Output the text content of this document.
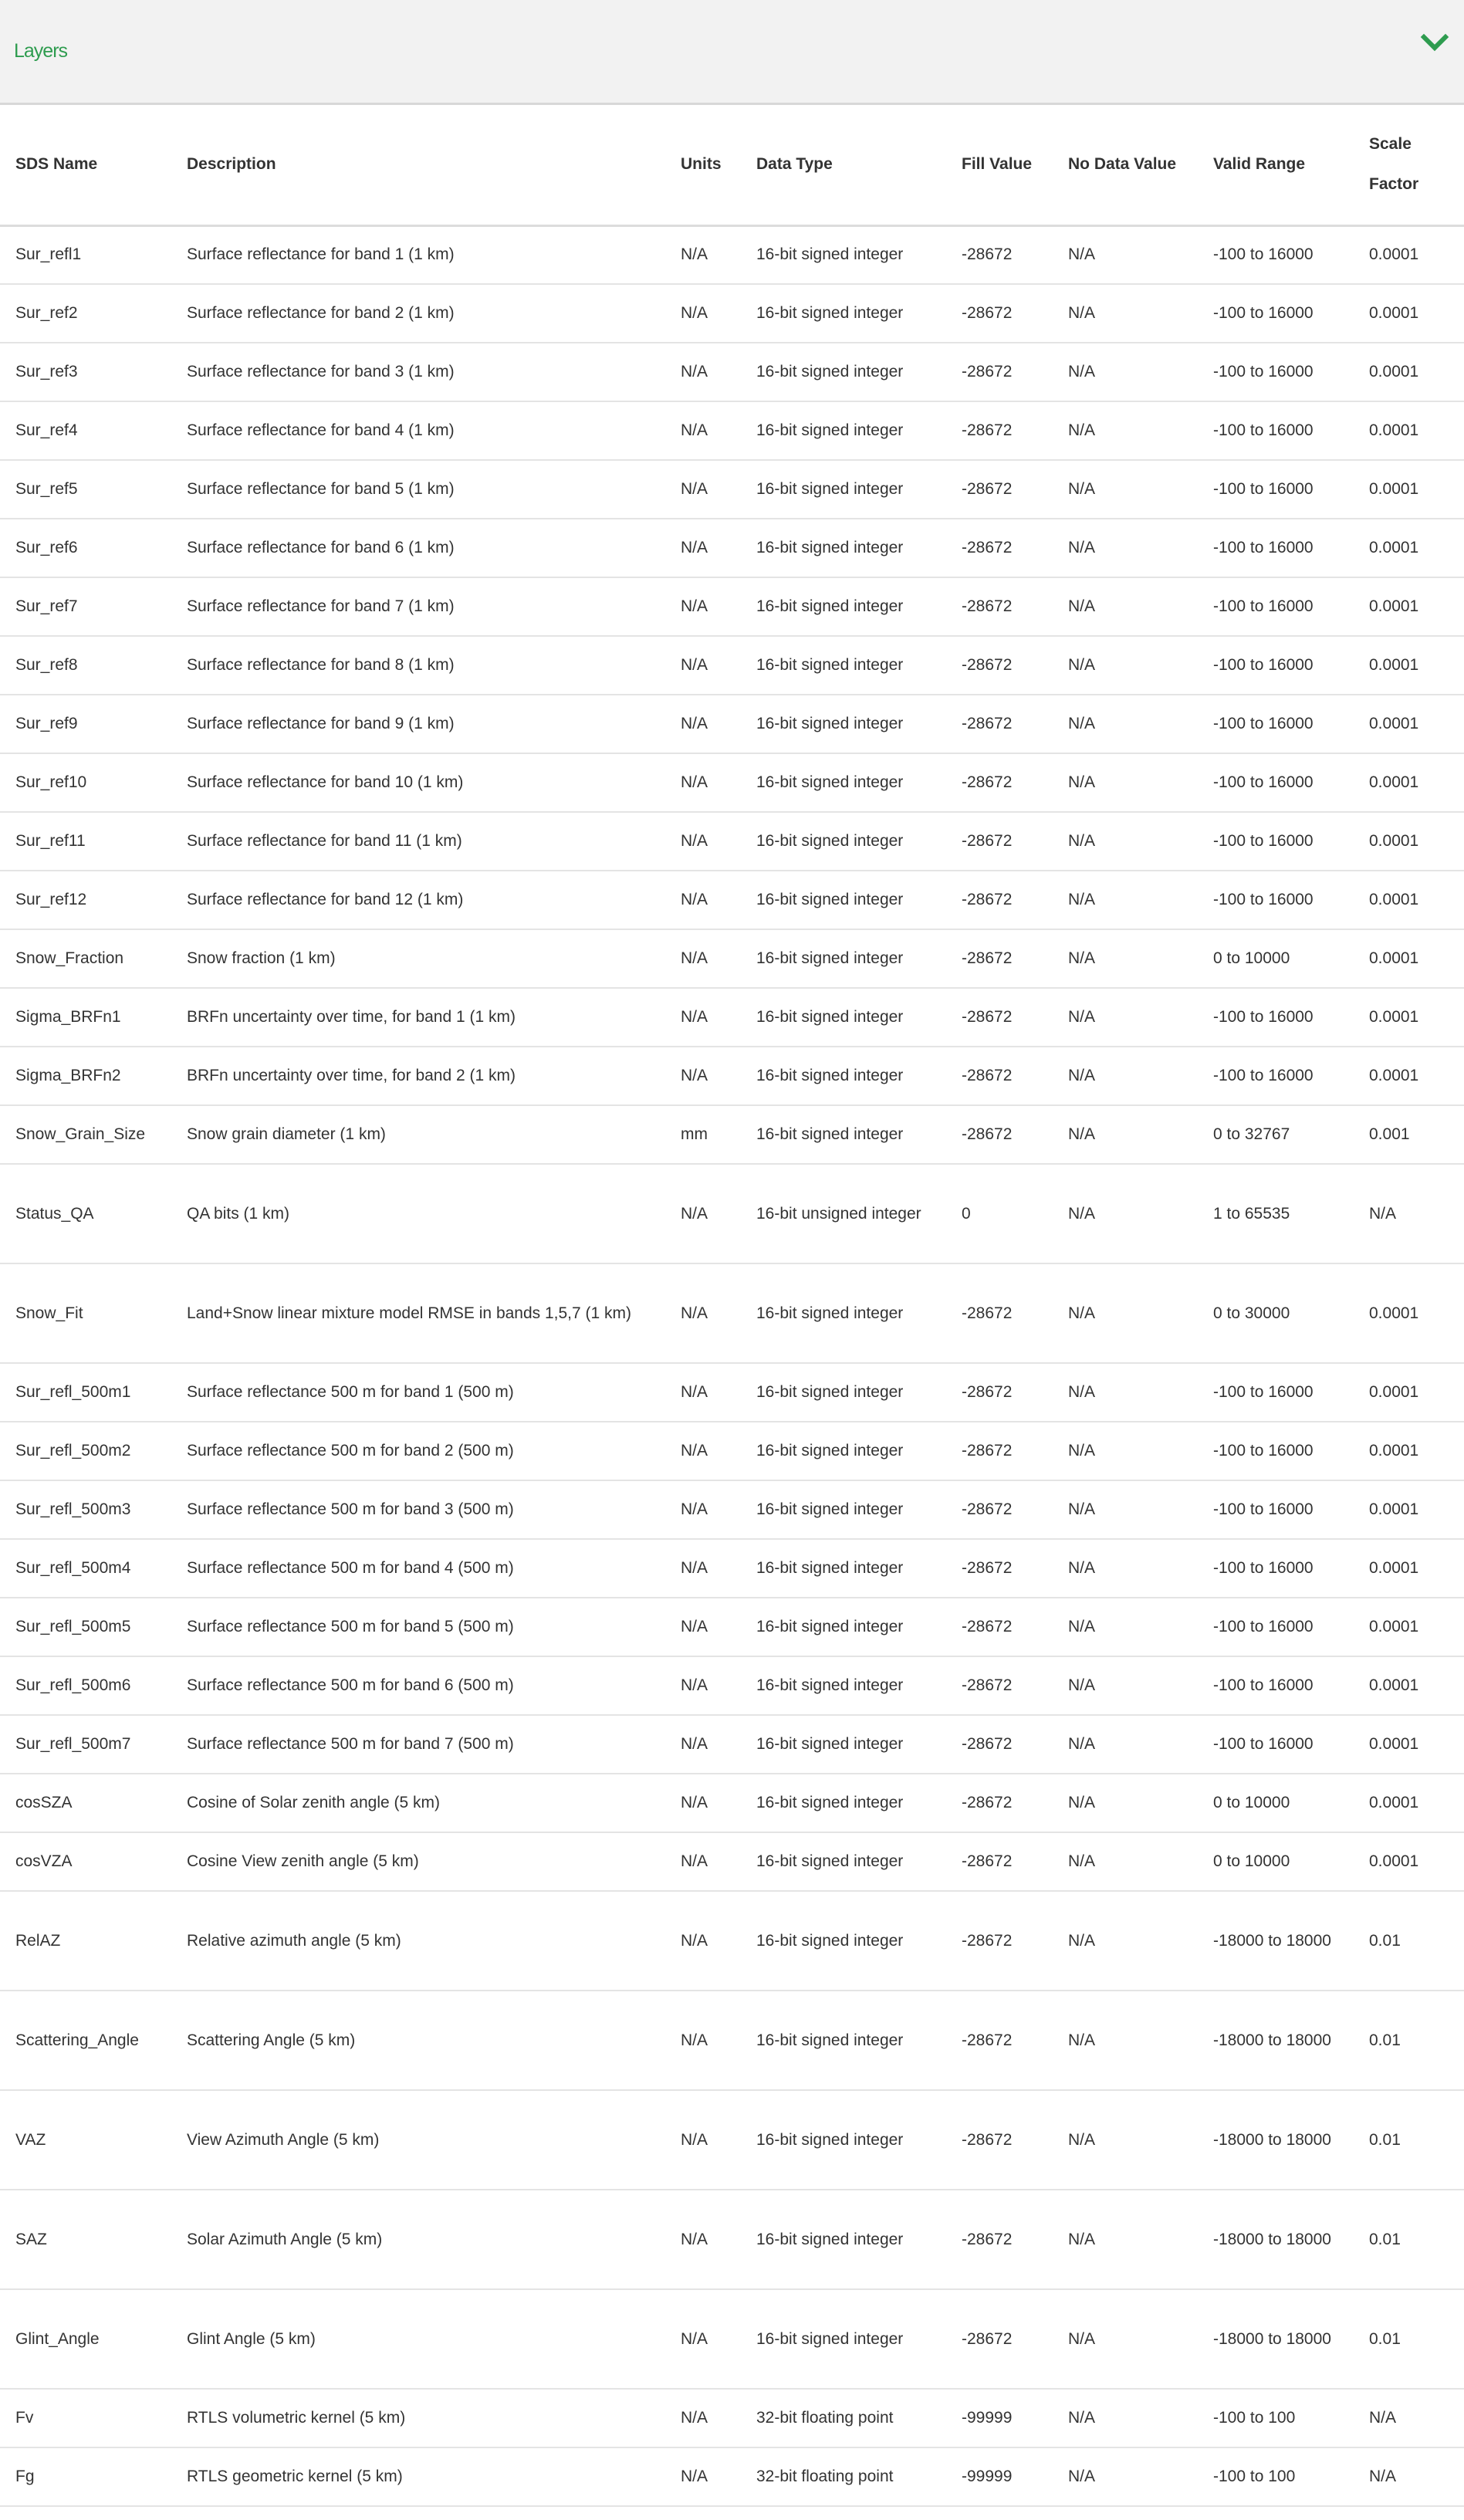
Layers
SDS Name	Description	Units	Data Type	Fill Value	No Data Value	Valid Range	Scale Factor
Sur_refl1	Surface reflectance for band 1 (1 km)	N/A	16-bit signed integer	-28672	N/A	-100 to 16000	0.0001
Sur_ref2	Surface reflectance for band 2 (1 km)	N/A	16-bit signed integer	-28672	N/A	-100 to 16000	0.0001
Sur_ref3	Surface reflectance for band 3 (1 km)	N/A	16-bit signed integer	-28672	N/A	-100 to 16000	0.0001
Sur_ref4	Surface reflectance for band 4 (1 km)	N/A	16-bit signed integer	-28672	N/A	-100 to 16000	0.0001
Sur_ref5	Surface reflectance for band 5 (1 km)	N/A	16-bit signed integer	-28672	N/A	-100 to 16000	0.0001
Sur_ref6	Surface reflectance for band 6 (1 km)	N/A	16-bit signed integer	-28672	N/A	-100 to 16000	0.0001
Sur_ref7	Surface reflectance for band 7 (1 km)	N/A	16-bit signed integer	-28672	N/A	-100 to 16000	0.0001
Sur_ref8	Surface reflectance for band 8 (1 km)	N/A	16-bit signed integer	-28672	N/A	-100 to 16000	0.0001
Sur_ref9	Surface reflectance for band 9 (1 km)	N/A	16-bit signed integer	-28672	N/A	-100 to 16000	0.0001
Sur_ref10	Surface reflectance for band 10 (1 km)	N/A	16-bit signed integer	-28672	N/A	-100 to 16000	0.0001
Sur_ref11	Surface reflectance for band 11 (1 km)	N/A	16-bit signed integer	-28672	N/A	-100 to 16000	0.0001
Sur_ref12	Surface reflectance for band 12 (1 km)	N/A	16-bit signed integer	-28672	N/A	-100 to 16000	0.0001
Snow_Fraction	Snow fraction (1 km)	N/A	16-bit signed integer	-28672	N/A	0 to 10000	0.0001
Sigma_BRFn1	BRFn uncertainty over time, for band 1 (1 km)	N/A	16-bit signed integer	-28672	N/A	-100 to 16000	0.0001
Sigma_BRFn2	BRFn uncertainty over time, for band 2 (1 km)	N/A	16-bit signed integer	-28672	N/A	-100 to 16000	0.0001
Snow_Grain_Size	Snow grain diameter (1 km)	mm	16-bit signed integer	-28672	N/A	0 to 32767	0.001
Status_QA	QA bits (1 km)	N/A	16-bit unsigned integer	0	N/A	1 to 65535	N/A
Snow_Fit	Land+Snow linear mixture model RMSE in bands 1,5,7 (1 km)	N/A	16-bit signed integer	-28672	N/A	0 to 30000	0.0001
Sur_refl_500m1	Surface reflectance 500 m for band 1 (500 m)	N/A	16-bit signed integer	-28672	N/A	-100 to 16000	0.0001
Sur_refl_500m2	Surface reflectance 500 m for band 2 (500 m)	N/A	16-bit signed integer	-28672	N/A	-100 to 16000	0.0001
Sur_refl_500m3	Surface reflectance 500 m for band 3 (500 m)	N/A	16-bit signed integer	-28672	N/A	-100 to 16000	0.0001
Sur_refl_500m4	Surface reflectance 500 m for band 4 (500 m)	N/A	16-bit signed integer	-28672	N/A	-100 to 16000	0.0001
Sur_refl_500m5	Surface reflectance 500 m for band 5 (500 m)	N/A	16-bit signed integer	-28672	N/A	-100 to 16000	0.0001
Sur_refl_500m6	Surface reflectance 500 m for band 6 (500 m)	N/A	16-bit signed integer	-28672	N/A	-100 to 16000	0.0001
Sur_refl_500m7	Surface reflectance 500 m for band 7 (500 m)	N/A	16-bit signed integer	-28672	N/A	-100 to 16000	0.0001
cosSZA	Cosine of Solar zenith angle (5 km)	N/A	16-bit signed integer	-28672	N/A	0 to 10000	0.0001
cosVZA	Cosine View zenith angle (5 km)	N/A	16-bit signed integer	-28672	N/A	0 to 10000	0.0001
RelAZ	Relative azimuth angle (5 km)	N/A	16-bit signed integer	-28672	N/A	-18000 to 18000	0.01
Scattering_Angle	Scattering Angle (5 km)	N/A	16-bit signed integer	-28672	N/A	-18000 to 18000	0.01
VAZ	View Azimuth Angle (5 km)	N/A	16-bit signed integer	-28672	N/A	-18000 to 18000	0.01
SAZ	Solar Azimuth Angle (5 km)	N/A	16-bit signed integer	-28672	N/A	-18000 to 18000	0.01
Glint_Angle	Glint Angle (5 km)	N/A	16-bit signed integer	-28672	N/A	-18000 to 18000	0.01
Fv	RTLS volumetric kernel (5 km)	N/A	32-bit floating point	-99999	N/A	-100 to 100	N/A
Fg	RTLS geometric kernel (5 km)	N/A	32-bit floating point	-99999	N/A	-100 to 100	N/A
